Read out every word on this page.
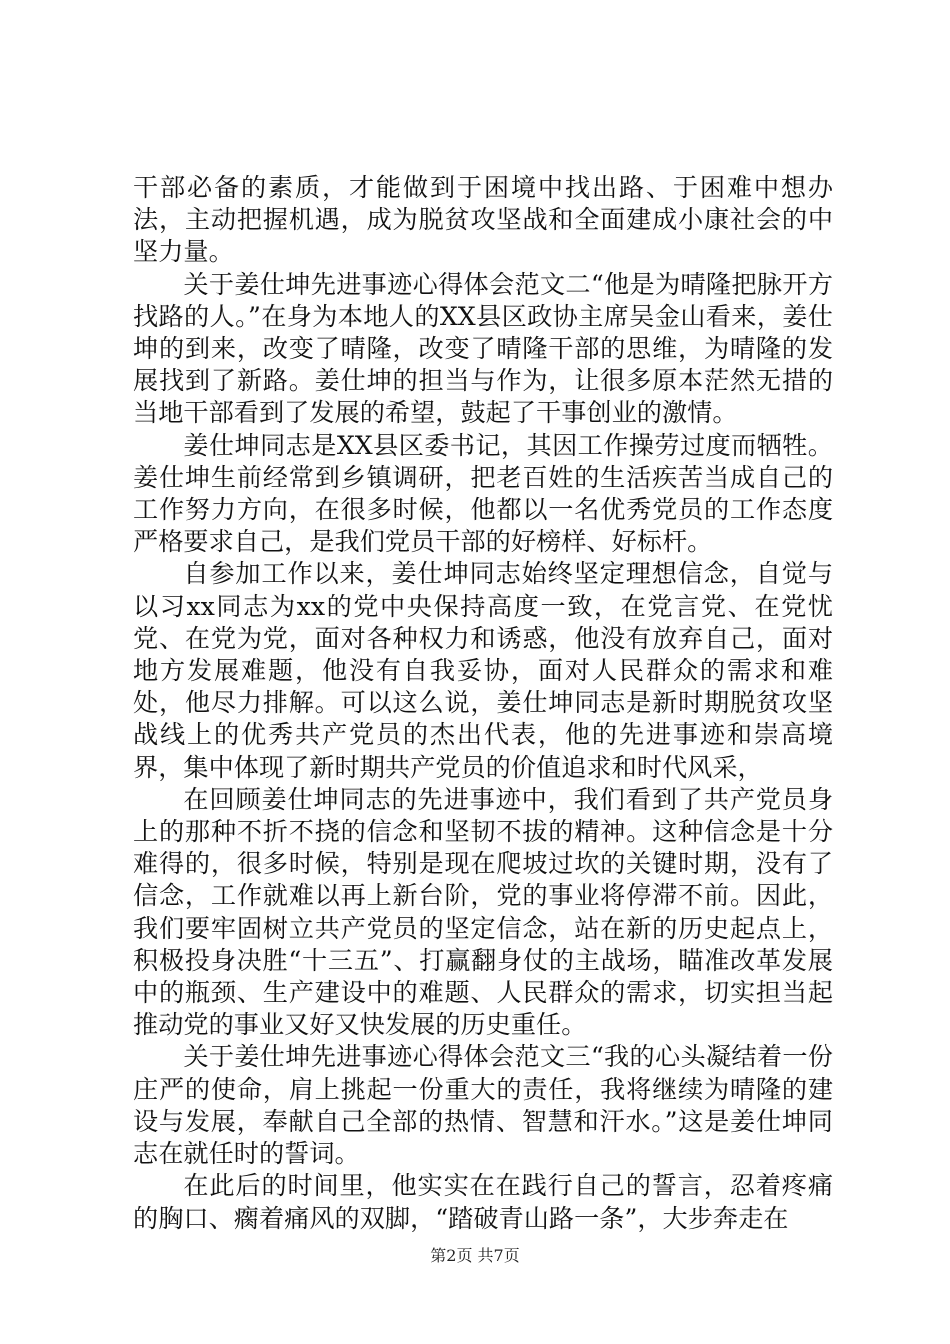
干部必备的素质，才能做到于困境中找出路、于困难中想办法，主动把握机遇，成为脱贫攻坚战和全面建成小康社会的中坚力量。

关于姜仕坤先进事迹心得体会范文二“他是为晴隆把脉开方找路的人。”在身为本地人的XX县区政协主席吴金山看来，姜仕坤的到来，改变了晴隆，改变了晴隆干部的思维，为晴隆的发展找到了新路。姜仕坤的担当与作为，让很多原本茫然无措的当地干部看到了发展的希望，鼓起了干事创业的激情。

姜仕坤同志是XX县区委书记，其因工作操劳过度而牺牲。姜仕坤生前经常到乡镇调研，把老百姓的生活疾苦当成自己的工作努力方向，在很多时候，他都以一名优秀党员的工作态度严格要求自己，是我们党员干部的好榜样、好标杆。

自参加工作以来，姜仕坤同志始终坚定理想信念，自觉与以习xx同志为xx的党中央保持高度一致，在党言党、在党忧党、在党为党，面对各种权力和诱惑，他没有放弃自己，面对地方发展难题，他没有自我妥协，面对人民群众的需求和难处，他尽力排解。可以这么说，姜仕坤同志是新时期脱贫攻坚战线上的优秀共产党员的杰出代表，他的先进事迹和崇高境界，集中体现了新时期共产党员的价值追求和时代风采，

在回顾姜仕坤同志的先进事迹中，我们看到了共产党员身上的那种不折不挠的信念和坚韧不拔的精神。这种信念是十分难得的，很多时候，特别是现在爬坡过坎的关键时期，没有了信念，工作就难以再上新台阶，党的事业将停滞不前。因此，我们要牢固树立共产党员的坚定信念，站在新的历史起点上，积极投身决胜“十三五”、打赢翻身仗的主战场，瞄准改革发展中的瓶颈、生产建设中的难题、人民群众的需求，切实担当起推动党的事业又好又快发展的历史重任。

关于姜仕坤先进事迹心得体会范文三“我的心头凝结着一份庄严的使命，肩上挑起一份重大的责任，我将继续为晴隆的建设与发展，奉献自己全部的热情、智慧和汗水。”这是姜仕坤同志在就任时的誓词。

在此后的时间里，他实实在在践行自己的誓言，忍着疼痛的胸口、瘸着痛风的双脚，“踏破青山路一条”，大步奔走在

第2页 共7页
